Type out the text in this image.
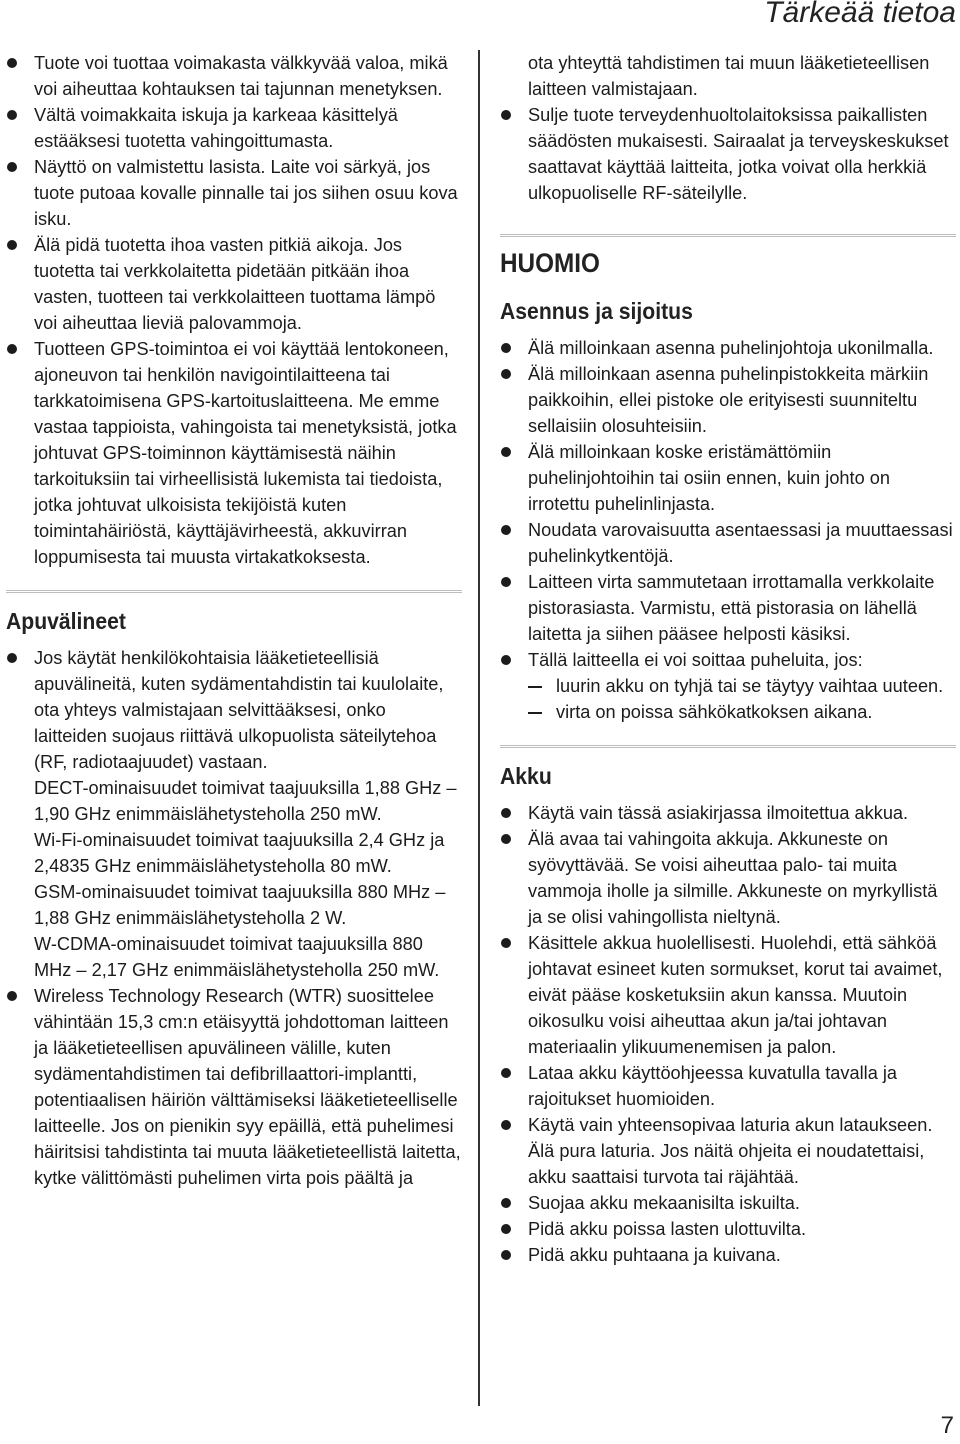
Tärkeää tietoa
Tuote voi tuottaa voimakasta välkkyvää valoa, mikä voi aiheuttaa kohtauksen tai tajunnan menetyksen.
Vältä voimakkaita iskuja ja karkeaa käsittelyä estääksesi tuotetta vahingoittumasta.
Näyttö on valmistettu lasista. Laite voi särkyä, jos tuote putoaa kovalle pinnalle tai jos siihen osuu kova isku.
Älä pidä tuotetta ihoa vasten pitkiä aikoja. Jos tuotetta tai verkkolaitetta pidetään pitkään ihoa vasten, tuotteen tai verkkolaitteen tuottama lämpö voi aiheuttaa lieviä palovammoja.
Tuotteen GPS-toimintoa ei voi käyttää lentokoneen, ajoneuvon tai henkilön navigointilaitteena tai tarkkatoimisena GPS-kartoituslaitteena. Me emme vastaa tappioista, vahingoista tai menetyksistä, jotka johtuvat GPS-toiminnon käyttämisestä näihin tarkoituksiin tai virheellisistä lukemista tai tiedoista, jotka johtuvat ulkoisista tekijöistä kuten toimintahäiriöstä, käyttäjävirheestä, akkuvirran loppumisesta tai muusta virtakatkoksesta.
Apuvälineet
Jos käytät henkilökohtaisia lääketieteellisiä apuvälineitä, kuten sydämentahdistin tai kuulolaite, ota yhteys valmistajaan selvittääksesi, onko laitteiden suojaus riittävä ulkopuolista säteilytehoa (RF, radiotaajuudet) vastaan.
DECT-ominaisuudet toimivat taajuuksilla 1,88 GHz – 1,90 GHz enimmäislähetysteholla 250 mW.
Wi-Fi-ominaisuudet toimivat taajuuksilla 2,4 GHz ja 2,4835 GHz enimmäislähetysteholla 80 mW.
GSM-ominaisuudet toimivat taajuuksilla 880 MHz – 1,88 GHz enimmäislähetysteholla 2 W.
W-CDMA-ominaisuudet toimivat taajuuksilla 880 MHz – 2,17 GHz enimmäislähetysteholla 250 mW.
Wireless Technology Research (WTR) suosittelee vähintään 15,3 cm:n etäisyyttä johdottoman laitteen ja lääketieteellisen apuvälineen välille, kuten sydämentahdistimen tai defibrillaattori-implantti, potentiaalisen häiriön välttämiseksi lääketieteelliselle laitteelle. Jos on pienikin syy epäillä, että puhelimesi häiritsisi tahdistinta tai muuta lääketieteellistä laitetta, kytke välittömästi puhelimen virta pois päältä ja
ota yhteyttä tahdistimen tai muun lääketieteellisen laitteen valmistajaan.
Sulje tuote terveydenhuoltolaitoksissa paikallisten säädösten mukaisesti. Sairaalat ja terveyskeskukset saattavat käyttää laitteita, jotka voivat olla herkkiä ulkopuoliselle RF-säteilylle.
HUOMIO
Asennus ja sijoitus
Älä milloinkaan asenna puhelinjohtoja ukonilmalla.
Älä milloinkaan asenna puhelinpistokkeita märkiin paikkoihin, ellei pistoke ole erityisesti suunniteltu sellaisiin olosuhteisiin.
Älä milloinkaan koske eristämättömiin puhelinjohtoihin tai osiin ennen, kuin johto on irrotettu puhelinlinjasta.
Noudata varovaisuutta asentaessasi ja muuttaessasi puhelinkytkentöjä.
Laitteen virta sammutetaan irrottamalla verkkolaite pistorasiasta. Varmistu, että pistorasia on lähellä laitetta ja siihen pääsee helposti käsiksi.
Tällä laitteella ei voi soittaa puheluita, jos:
luurin akku on tyhjä tai se täytyy vaihtaa uuteen.
virta on poissa sähkökatkoksen aikana.
Akku
Käytä vain tässä asiakirjassa ilmoitettua akkua.
Älä avaa tai vahingoita akkuja. Akkuneste on syövyttävää. Se voisi aiheuttaa palo- tai muita vammoja iholle ja silmille. Akkuneste on myrkyllistä ja se olisi vahingollista nieltynä.
Käsittele akkua huolellisesti. Huolehdi, että sähköä johtavat esineet kuten sormukset, korut tai avaimet, eivät pääse kosketuksiin akun kanssa. Muutoin oikosulku voisi aiheuttaa akun ja/tai johtavan materiaalin ylikuumenemisen ja palon.
Lataa akku käyttöohjeessa kuvatulla tavalla ja rajoitukset huomioiden.
Käytä vain yhteensopivaa laturia akun lataukseen. Älä pura laturia. Jos näitä ohjeita ei noudatettaisi, akku saattaisi turvota tai räjähtää.
Suojaa akku mekaanisilta iskuilta.
Pidä akku poissa lasten ulottuvilta.
Pidä akku puhtaana ja kuivana.
7
